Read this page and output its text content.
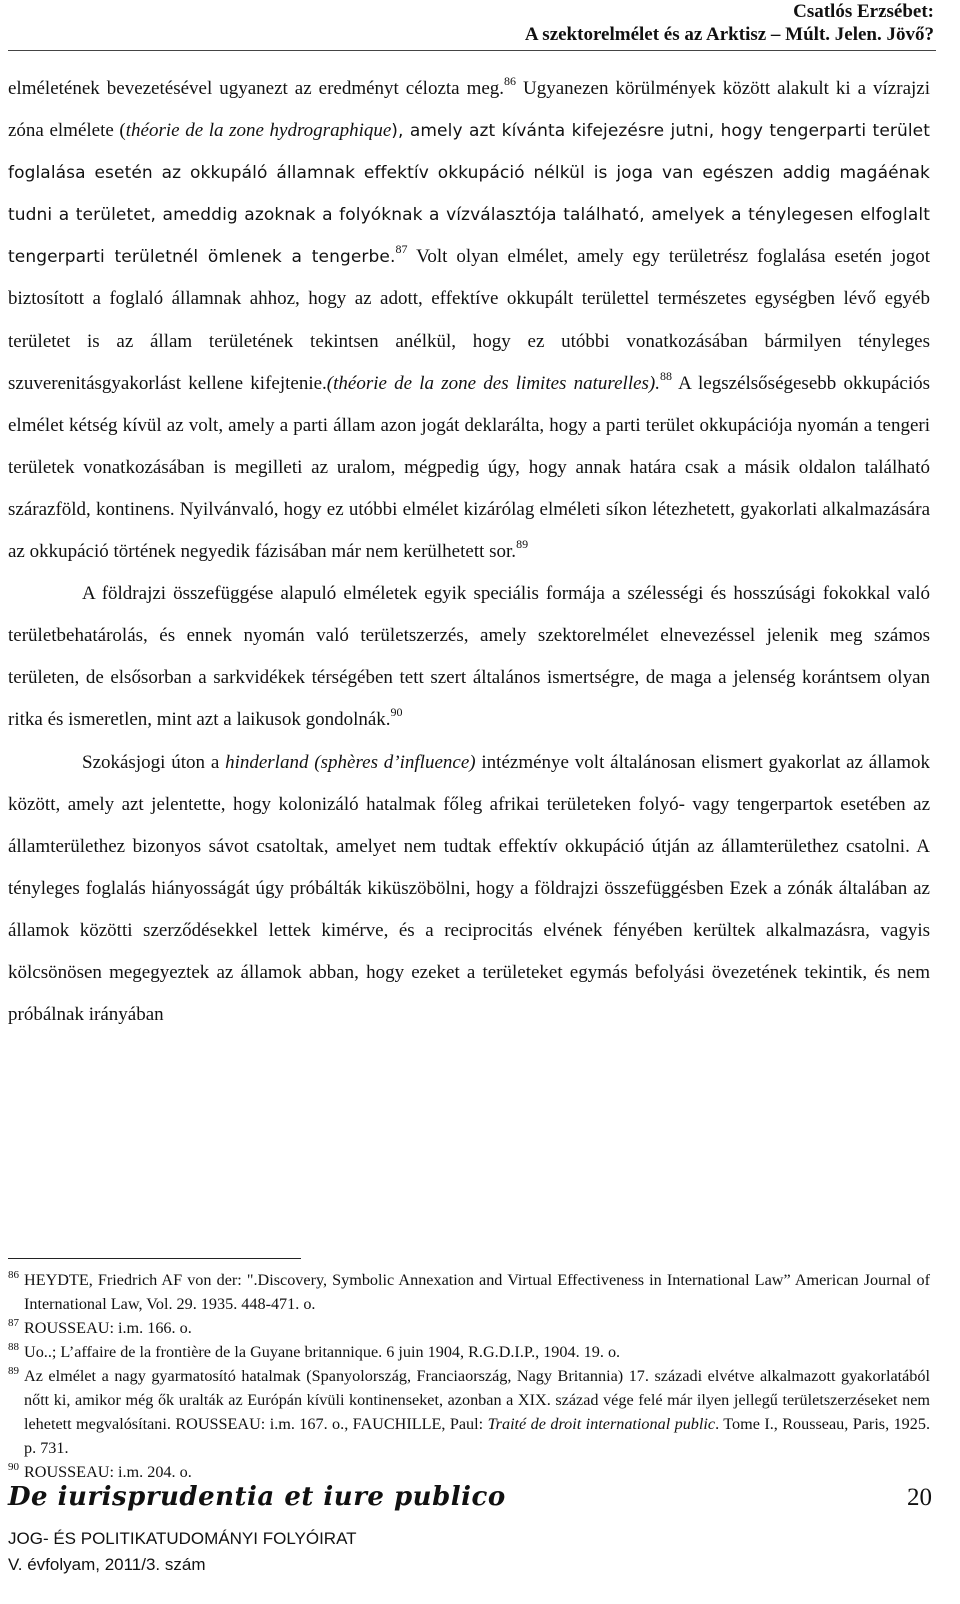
Csatlós Erzsébet:
A szektorelmélet és az Arktisz – Múlt. Jelen. Jövő?

elméletének bevezetésével ugyanezt az eredményt célozta meg.$^{86}$ Ugyanezen körülmények között alakult ki a vízrajzi zóna elmélete (théorie de la zone hydrographique), amely azt kívánta kifejezésre jutni, hogy tengerparti terület foglalása esetén az okkupáló államnak effektív okkupáció nélkül is joga van egészen addig magáénak tudni a területet, ameddig azoknak a folyóknak a vízválasztója található, amelyek a ténylegesen elfoglalt tengerparti területnél ömlenek a tengerbe.$^{87}$ Volt olyan elmélet, amely egy területrész foglalása esetén jogot biztosított a foglaló államnak ahhoz, hogy az adott, effektíve okkupált területtel természetes egységben lévő egyéb területet is az állam területének tekintsen anélkül, hogy ez utóbbi vonatkozásában bármilyen tényleges szuverenitásgyakorlást kellene kifejtenie.(théorie de la zone des limites naturelles).$^{88}$ A legszélsőségesebb okkupációs elmélet kétség kívül az volt, amely a parti állam azon jogát deklarálta, hogy a parti terület okkupációja nyomán a tengeri területek vonatkozásában is megilleti az uralom, mégpedig úgy, hogy annak határa csak a másik oldalon található szárazföld, kontinens. Nyilvánvaló, hogy ez utóbbi elmélet kizárólag elméleti síkon létezhetett, gyakorlati alkalmazására az okkupáció történek negyedik fázisában már nem kerülhetett sor.$^{89}$

A földrajzi összefüggése alapuló elméletek egyik speciális formája a szélességi és hosszúsági fokokkal való területbehatárolás, és ennek nyomán való területszerzés, amely szektorelmélet elnevezéssel jelenik meg számos területen, de elsősorban a sarkvidékek térségében tett szert általános ismertségre, de maga a jelenség korántsem olyan ritka és ismeretlen, mint azt a laikusok gondolnák.$^{90}$

Szokásjogi úton a hinderland (sphères d’influence) intézménye volt általánosan elismert gyakorlat az államok között, amely azt jelentette, hogy kolonizáló hatalmak főleg afrikai területeken folyó- vagy tengerpartok esetében az államterülethez bizonyos sávot csatoltak, amelyet nem tudtak effektív okkupáció útján az államterülethez csatolni. A tényleges foglalás hiányosságát úgy próbálták kiküszöbölni, hogy a földrajzi összefüggésben Ezek a zónák általában az államok közötti szerződésekkel lettek kimérve, és a reciprocitás elvének fényében kerültek alkalmazásra, vagyis kölcsönösen megegyeztek az államok abban, hogy ezeket a területeket egymás befolyási övezetének tekintik, és nem próbálnak irányában

86 HEYDTE, Friedrich AF von der: ".Discovery, Symbolic Annexation and Virtual Effectiveness in International Law” American Journal of International Law, Vol. 29. 1935. 448-471. o.
87 ROUSSEAU: i.m. 166. o.
88 Uo..; L’affaire de la frontière de la Guyane britannique. 6 juin 1904, R.G.D.I.P., 1904. 19. o.
89 Az elmélet a nagy gyarmatosító hatalmak (Spanyolország, Franciaország, Nagy Britannia) 17. századi elvétve alkalmazott gyakorlatából nőtt ki, amikor még ők uralták az Európán kívüli kontinenseket, azonban a XIX. század vége felé már ilyen jellegű területszerzéseket nem lehetett megvalósítani. ROUSSEAU: i.m. 167. o., FAUCHILLE, Paul: Traité de droit international public. Tome I., Rousseau, Paris, 1925. p. 731.
90 ROUSSEAU: i.m. 204. o.
De iurisprudentia et iure publico	20
JOG- ÉS POLITIKATUDOMÁNYI FOLYÓIRAT
V. évfolyam, 2011/3. szám
